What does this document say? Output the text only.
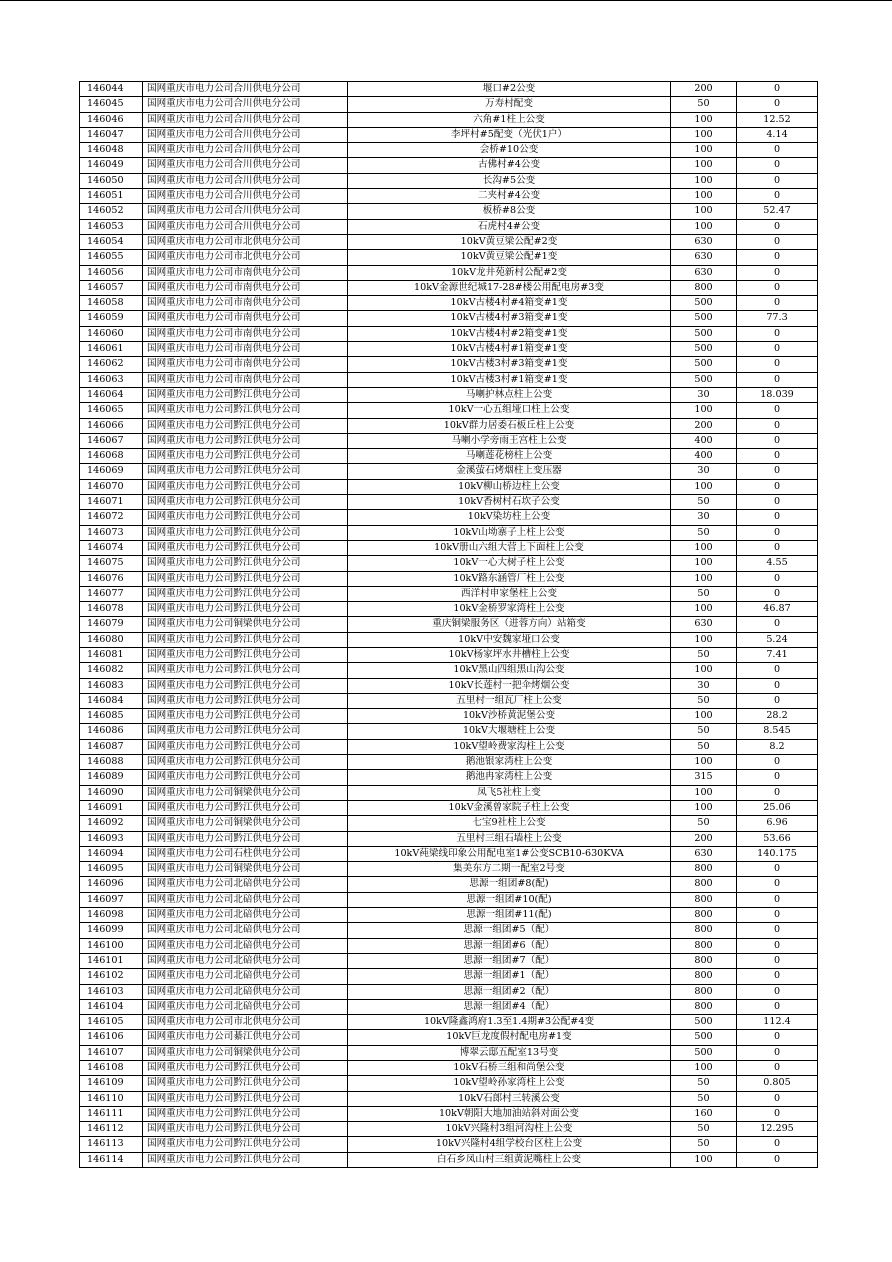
146044	国网重庆市电力公司合川供电分公司	堰口#2公变	200	0
146045	国网重庆市电力公司合川供电分公司	万寿村配变	50	0
146046	国网重庆市电力公司合川供电分公司	六角#1柱上公变	100	12.52
146047	国网重庆市电力公司合川供电分公司	李坪村#5配变（光伏1户）	100	4.14
146048	国网重庆市电力公司合川供电分公司	会桥#10公变	100	0
146049	国网重庆市电力公司合川供电分公司	古佛村#4公变	100	0
146050	国网重庆市电力公司合川供电分公司	长沟#5公变	100	0
146051	国网重庆市电力公司合川供电分公司	二夹村#4公变	100	0
146052	国网重庆市电力公司合川供电分公司	板桥#8公变	100	52.47
146053	国网重庆市电力公司合川供电分公司	石虎村4#公变	100	0
146054	国网重庆市电力公司市北供电分公司	10kV黄豆梁公配#2变	630	0
146055	国网重庆市电力公司市北供电分公司	10kV黄豆梁公配#1变	630	0
146056	国网重庆市电力公司市南供电分公司	10kV龙井苑新村公配#2变	630	0
146057	国网重庆市电力公司市南供电分公司	10kV金源世纪城17-28#楼公用配电房#3变	800	0
146058	国网重庆市电力公司市南供电分公司	10kV古楼4村#4箱变#1变	500	0
146059	国网重庆市电力公司市南供电分公司	10kV古楼4村#3箱变#1变	500	77.3
146060	国网重庆市电力公司市南供电分公司	10kV古楼4村#2箱变#1变	500	0
146061	国网重庆市电力公司市南供电分公司	10kV古楼4村#1箱变#1变	500	0
146062	国网重庆市电力公司市南供电分公司	10kV古楼3村#3箱变#1变	500	0
146063	国网重庆市电力公司市南供电分公司	10kV古楼3村#1箱变#1变	500	0
146064	国网重庆市电力公司黔江供电分公司	马喇护林点柱上公变	30	18.039
146065	国网重庆市电力公司黔江供电分公司	10kV一心五组垭口柱上公变	100	0
146066	国网重庆市电力公司黔江供电分公司	10kV群力居委石板丘柱上公变	200	0
146067	国网重庆市电力公司黔江供电分公司	马喇小学旁雨王宫柱上公变	400	0
146068	国网重庆市电力公司黔江供电分公司	马喇莲花榜柱上公变	400	0
146069	国网重庆市电力公司黔江供电分公司	金溪萤石烤烟柱上变压器	30	0
146070	国网重庆市电力公司黔江供电分公司	10kV柳山桥边柱上公变	100	0
146071	国网重庆市电力公司黔江供电分公司	10kV香树村石坎子公变	50	0
146072	国网重庆市电力公司黔江供电分公司	10kV染坊柱上公变	30	0
146073	国网重庆市电力公司黔江供电分公司	10kV山坳寨子上柱上公变	50	0
146074	国网重庆市电力公司黔江供电分公司	10kV册山六组大营上下面柱上公变	100	0
146075	国网重庆市电力公司黔江供电分公司	10kV一心大树子柱上公变	100	4.55
146076	国网重庆市电力公司黔江供电分公司	10kV路东涵管厂柱上公变	100	0
146077	国网重庆市电力公司黔江供电分公司	西洋村申家堡柱上公变	50	0
146078	国网重庆市电力公司黔江供电分公司	10kV金桥罗家湾柱上公变	100	46.87
146079	国网重庆市电力公司铜梁供电分公司	重庆铜梁服务区（进蓉方向）站箱变	630	0
146080	国网重庆市电力公司黔江供电分公司	10kV中安魏家垭口公变	100	5.24
146081	国网重庆市电力公司黔江供电分公司	10kV杨家坪水井槽柱上公变	50	7.41
146082	国网重庆市电力公司黔江供电分公司	10kV黑山四组黑山沟公变	100	0
146083	国网重庆市电力公司黔江供电分公司	10kV长莲村一把伞烤烟公变	30	0
146084	国网重庆市电力公司黔江供电分公司	五里村一组瓦厂柱上公变	50	0
146085	国网重庆市电力公司黔江供电分公司	10kV沙桥黄泥堡公变	100	28.2
146086	国网重庆市电力公司黔江供电分公司	10kV大堰塘柱上公变	50	8.545
146087	国网重庆市电力公司黔江供电分公司	10kV望岭费家沟柱上公变	50	8.2
146088	国网重庆市电力公司黔江供电分公司	鹅池银家湾柱上公变	100	0
146089	国网重庆市电力公司黔江供电分公司	鹅池冉家湾柱上公变	315	0
146090	国网重庆市电力公司铜梁供电分公司	凤飞5社柱上变	100	0
146091	国网重庆市电力公司黔江供电分公司	10kV金溪曾家院子柱上公变	100	25.06
146092	国网重庆市电力公司铜梁供电分公司	七宝9社柱上公变	50	6.96
146093	国网重庆市电力公司黔江供电分公司	五里村三组石墙柱上公变	200	53.66
146094	国网重庆市电力公司石柱供电分公司	10kV莼梁线印象公用配电室1#公变SCB10-630KVA	630	140.175
146095	国网重庆市电力公司铜梁供电分公司	集美东方二期一配室2号变	800	0
146096	国网重庆市电力公司北碚供电分公司	思源一组团#8(配)	800	0
146097	国网重庆市电力公司北碚供电分公司	思源一组团#10(配)	800	0
146098	国网重庆市电力公司北碚供电分公司	思源一组团#11(配)	800	0
146099	国网重庆市电力公司北碚供电分公司	思源一组团#5（配）	800	0
146100	国网重庆市电力公司北碚供电分公司	思源一组团#6（配）	800	0
146101	国网重庆市电力公司北碚供电分公司	思源一组团#7（配）	800	0
146102	国网重庆市电力公司北碚供电分公司	思源一组团#1（配）	800	0
146103	国网重庆市电力公司北碚供电分公司	思源一组团#2（配）	800	0
146104	国网重庆市电力公司北碚供电分公司	思源一组团#4（配）	800	0
146105	国网重庆市电力公司市北供电分公司	10kV隆鑫鸿府1.3至1.4期#3公配#4变	500	112.4
146106	国网重庆市电力公司綦江供电分公司	10kV巨龙度假村配电房#1变	500	0
146107	国网重庆市电力公司铜梁供电分公司	博翠云邸五配室13号变	500	0
146108	国网重庆市电力公司黔江供电分公司	10kV石桥三组和尚堡公变	100	0
146109	国网重庆市电力公司黔江供电分公司	10kV望岭孙家湾柱上公变	50	0.805
146110	国网重庆市电力公司黔江供电分公司	10kV石郎村三转溪公变	50	0
146111	国网重庆市电力公司黔江供电分公司	10kV朝阳大地加油站斜对面公变	160	0
146112	国网重庆市电力公司黔江供电分公司	10kV兴隆村3组河沟柱上公变	50	12.295
146113	国网重庆市电力公司黔江供电分公司	10kV兴隆村4组学校台区柱上公变	50	0
146114	国网重庆市电力公司黔江供电分公司	白石乡凤山村三组黄泥嘴柱上公变	100	0
